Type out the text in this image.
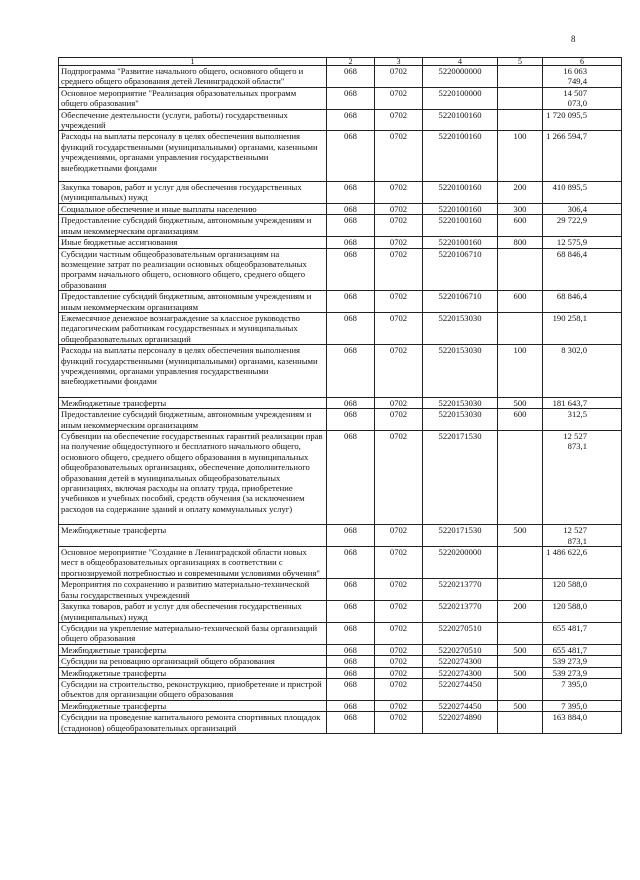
8
1	2	3	4	5	6
Подпрограмма "Развитие начального общего, основного общего и среднего общего образования детей Ленинградской области"	068	0702	5220000000		16 063 749,4
Основное мероприятие "Реализация образовательных программ общего образования"	068	0702	5220100000		14 507 073,0
Обеспечение деятельности (услуги, работы) государственных учреждений	068	0702	5220100160		1 720 095,5
Расходы на выплаты персоналу в целях обеспечения выполнения функций государственными (муниципальными) органами, казенными учреждениями, органами управления государственными внебюджетными фондами	068	0702	5220100160	100	1 266 594,7
Закупка товаров, работ и услуг для обеспечения государственных (муниципальных) нужд	068	0702	5220100160	200	410 895,5
Социальное обеспечение и иные выплаты населению	068	0702	5220100160	300	306,4
Предоставление субсидий бюджетным, автономным учреждениям и иным некоммерческим организациям	068	0702	5220100160	600	29 722,9
Иные бюджетные ассигнования	068	0702	5220100160	800	12 575,9
Субсидии частным общеобразовательным организациям на возмещение затрат по реализации основных общеобразовательных программ начального общего, основного общего, среднего общего образования	068	0702	5220106710		68 846,4
Предоставление субсидий бюджетным, автономным учреждениям и иным некоммерческим организациям	068	0702	5220106710	600	68 846,4
Ежемесячное денежное вознаграждение за классное руководство педагогическим работникам государственных и муниципальных общеобразовательных организаций	068	0702	5220153030		190 258,1
Расходы на выплаты персоналу в целях обеспечения выполнения функций государственными (муниципальными) органами, казенными учреждениями, органами управления государственными внебюджетными фондами	068	0702	5220153030	100	8 302,0
Межбюджетные трансферты	068	0702	5220153030	500	181 643,7
Предоставление субсидий бюджетным, автономным учреждениям и иным некоммерческим организациям	068	0702	5220153030	600	312,5
Субвенции на обеспечение государственных гарантий реализации прав на получение общедоступного и бесплатного начального общего, основного общего, среднего общего образования в муниципальных общеобразовательных организациях, обеспечение дополнительного образования детей в муниципальных общеобразовательных организациях, включая расходы на оплату труда, приобретение учебников и учебных пособий, средств обучения (за исключением расходов на содержание зданий и оплату коммунальных услуг)	068	0702	5220171530		12 527 873,1
Межбюджетные трансферты	068	0702	5220171530	500	12 527 873,1
Основное мероприятие "Создание в Ленинградской области новых мест в общеобразовательных организациях в соответствии с прогнозируемой потребностью и современными условиями обучения"	068	0702	5220200000		1 486 622,6
Мероприятия по сохранению и развитию материально-технической базы государственных учреждений	068	0702	5220213770		120 588,0
Закупка товаров, работ и услуг для обеспечения государственных (муниципальных) нужд	068	0702	5220213770	200	120 588,0
Субсидии на укрепление материально-технической базы организаций общего образования	068	0702	5220270510		655 481,7
Межбюджетные трансферты	068	0702	5220270510	500	655 481,7
Субсидии на реновацию организаций общего образования	068	0702	5220274300		539 273,9
Межбюджетные трансферты	068	0702	5220274300	500	539 273,9
Субсидии на строительство, реконструкцию, приобретение и пристрой объектов для организации общего образования	068	0702	5220274450		7 395,0
Межбюджетные трансферты	068	0702	5220274450	500	7 395,0
Субсидии на проведение капитального ремонта спортивных площадок (стадионов) общеобразовательных организаций	068	0702	5220274890		163 884,0
